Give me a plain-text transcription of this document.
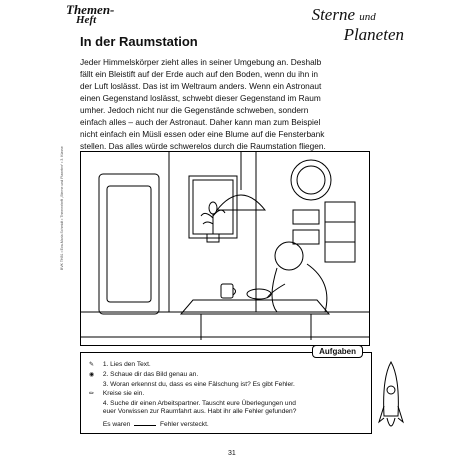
Themen-
Heft	Sterne und
Planeten
In der Raumstation
Jeder Himmelskörper zieht alles in seiner Umgebung an. Deshalb
fällt ein Bleistift auf der Erde auch auf den Boden, wenn du ihn in
der Luft loslässt. Das ist im Weltraum anders. Wenn ein Astronaut
einen Gegenstand loslässt, schwebt dieser Gegenstand im Raum
umher. Jedoch nicht nur die Gegenstände schweben, sondern
einfach alles – auch der Astronaut. Daher kann man zum Beispiel
nicht einfach ein Müsli essen oder eine Blume auf die Fensterbank
stellen. Das alles würde schwerelos durch die Raumstation fliegen.
BVK TH81 • Eva-Maria Schmidt • Themenheft „Sterne und Planeten“ • 3. Klasse
Aufgaben
✎ 1. Lies den Text.
◉ 2. Schaue dir das Bild genau an.
3. Woran erkennst du, dass es eine Fälschung ist? Es gibt Fehler.
✏ Kreise sie ein.
4. Suche dir einen Arbeitspartner. Tauscht eure Überlegungen und
euer Vorwissen zur Raumfahrt aus. Habt ihr alle Fehler gefunden?
Es waren	Fehler versteckt.
31
